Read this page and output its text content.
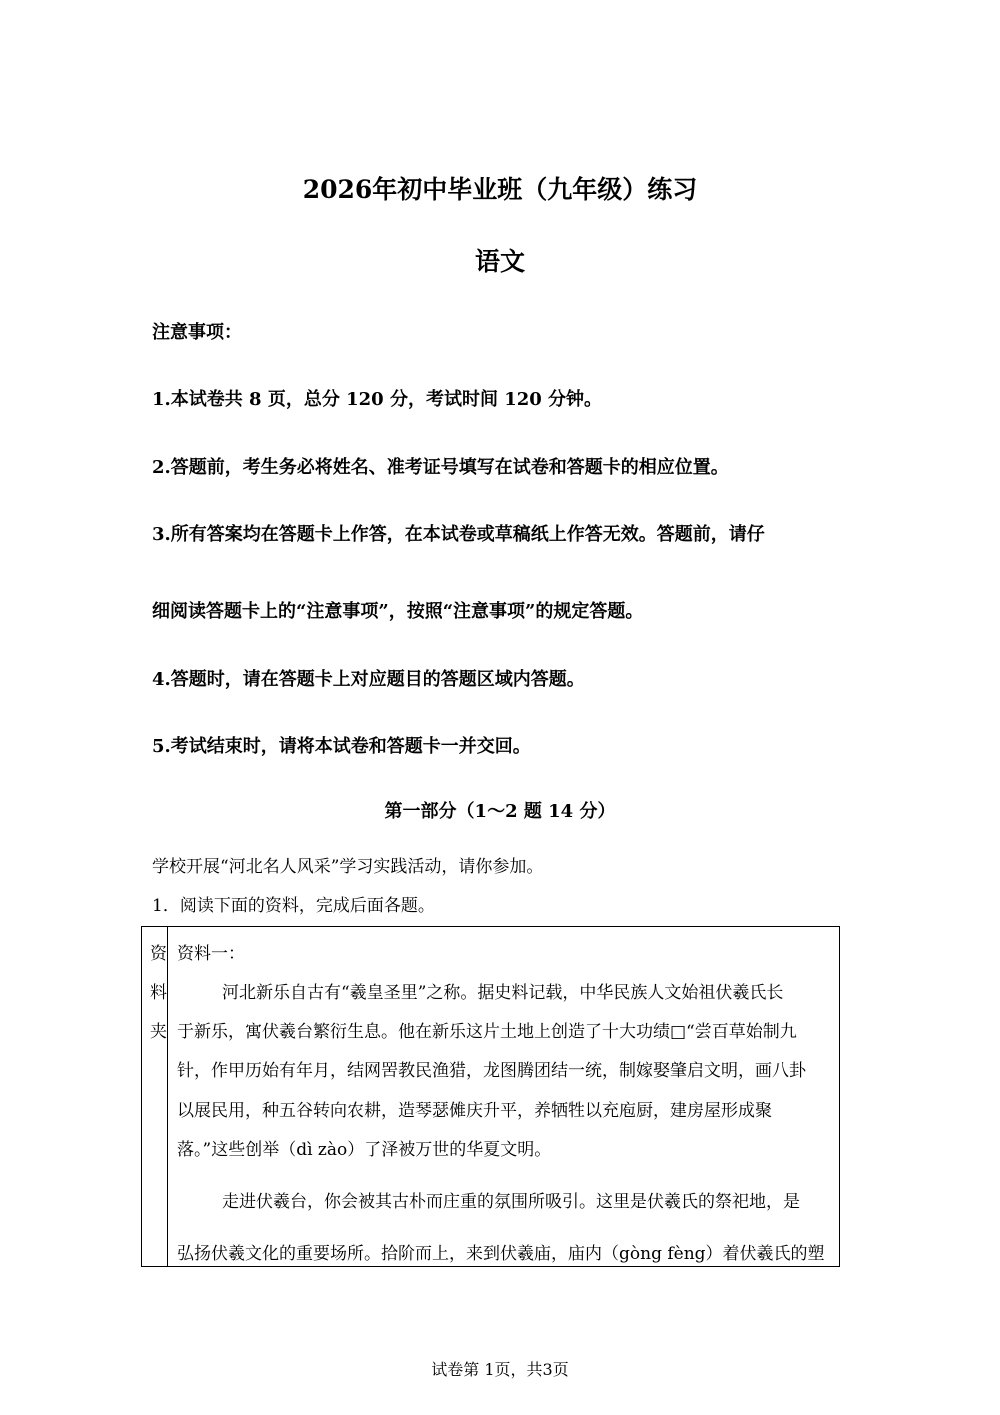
2026年初中毕业班（九年级）练习
语文
注意事项：
1.本试卷共 8 页，总分 120 分，考试时间 120 分钟。
2.答题前，考生务必将姓名、准考证号填写在试卷和答题卡的相应位置。
3.所有答案均在答题卡上作答，在本试卷或草稿纸上作答无效。答题前，请仔
细阅读答题卡上的“注意事项”，按照“注意事项”的规定答题。
4.答题时，请在答题卡上对应题目的答题区域内答题。
5.考试结束时，请将本试卷和答题卡一并交回。
第一部分（1～2 题 14 分）
学校开展“河北名人风采”学习实践活动，请你参加。
1．阅读下面的资料，完成后面各题。
资
料
夹
资料一：
河北新乐自古有“羲皇圣里”之称。据史料记载，中华民族人文始祖伏羲氏长
于新乐，寓伏羲台繁衍生息。他在新乐这片土地上创造了十大功绩□“尝百草始制九
针，作甲历始有年月，结网罟教民渔猎，龙图腾团结一统，制嫁娶肇启文明，画八卦
以展民用，种五谷转向农耕，造琴瑟傩庆升平，养牺牲以充庖厨，建房屋形成聚
落。”这些创举（dì zào）了泽被万世的华夏文明。
走进伏羲台，你会被其古朴而庄重的氛围所吸引。这里是伏羲氏的祭祀地，是
弘扬伏羲文化的重要场所。拾阶而上，来到伏羲庙，庙内（gòng fèng）着伏羲氏的塑
试卷第 1页，共3页
